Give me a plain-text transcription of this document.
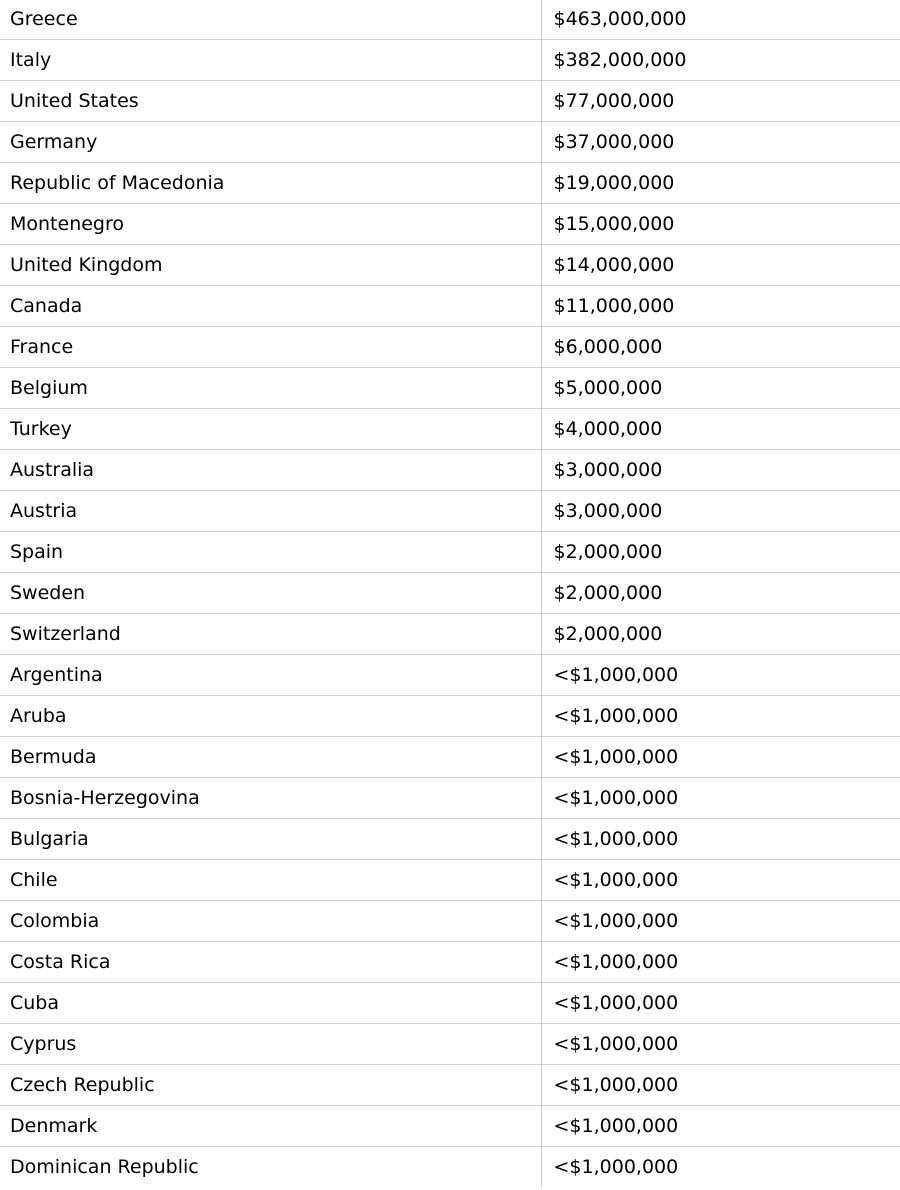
Greece	$463,000,000
Italy	$382,000,000
United States	$77,000,000
Germany	$37,000,000
Republic of Macedonia	$19,000,000
Montenegro	$15,000,000
United Kingdom	$14,000,000
Canada	$11,000,000
France	$6,000,000
Belgium	$5,000,000
Turkey	$4,000,000
Australia	$3,000,000
Austria	$3,000,000
Spain	$2,000,000
Sweden	$2,000,000
Switzerland	$2,000,000
Argentina	<$1,000,000
Aruba	<$1,000,000
Bermuda	<$1,000,000
Bosnia-Herzegovina	<$1,000,000
Bulgaria	<$1,000,000
Chile	<$1,000,000
Colombia	<$1,000,000
Costa Rica	<$1,000,000
Cuba	<$1,000,000
Cyprus	<$1,000,000
Czech Republic	<$1,000,000
Denmark	<$1,000,000
Dominican Republic	<$1,000,000
